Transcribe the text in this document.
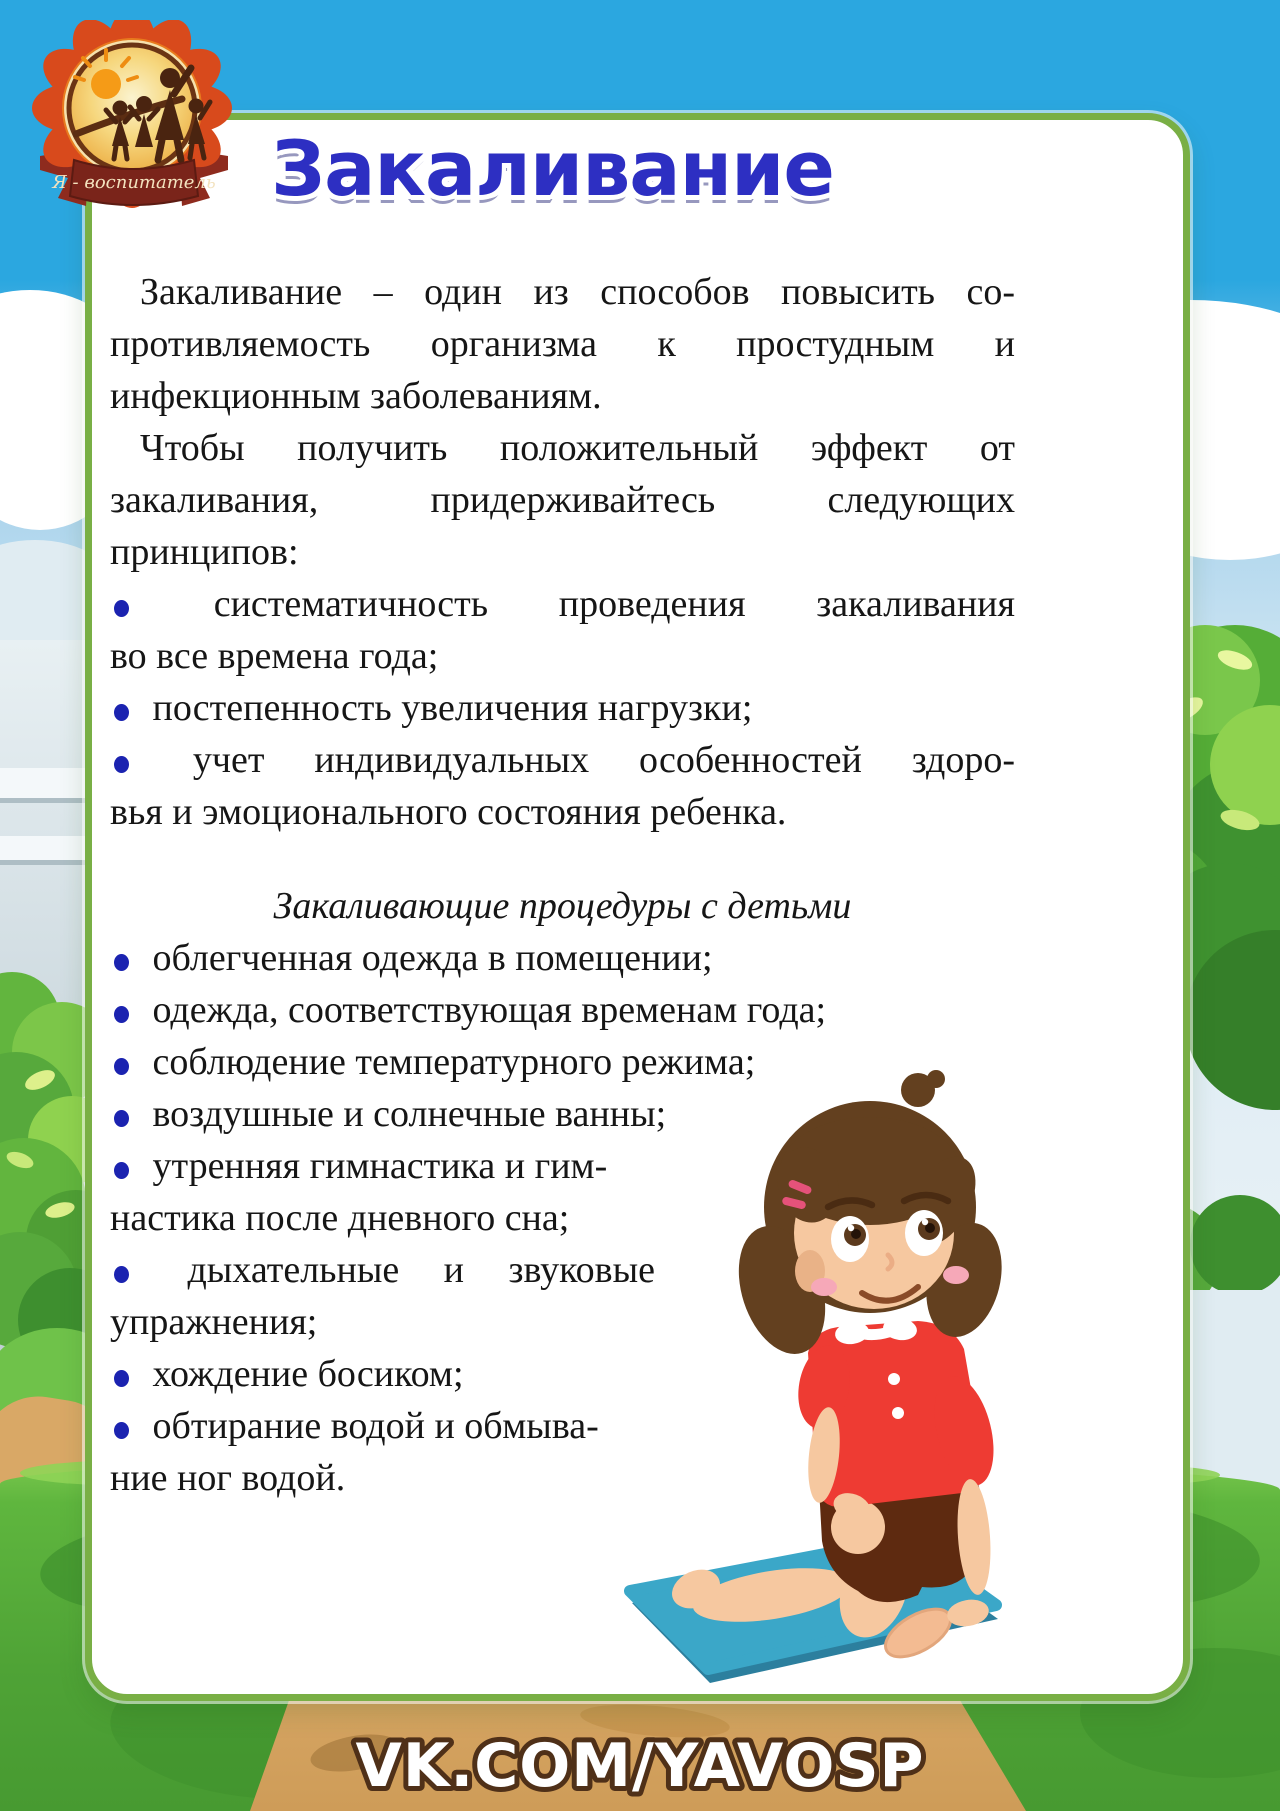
Закаливание
Закаливание – один из способов повысить со-
противляемость организма к простудным и
инфекционным заболеваниям.
Чтобы получить положительный эффект от
закаливания, придерживайтесь следующих
принципов:
систематичность проведения закаливания
во все времена года;
постепенность увеличения нагрузки;
учет индивидуальных особенностей здоро-
вья и эмоционального состояния ребенка.
Закаливающие процедуры с детьми
облегченная одежда в помещении;
одежда, соответствующая временам года;
соблюдение температурного режима;
воздушные и солнечные ванны;
утренняя гимнастика и гим-
настика после дневного сна;
дыхательные и звуковые
упражнения;
хождение босиком;
обтирание водой и обмыва-
ние ног водой.
Я - воспитатель
VK.COM/YAVOSP
